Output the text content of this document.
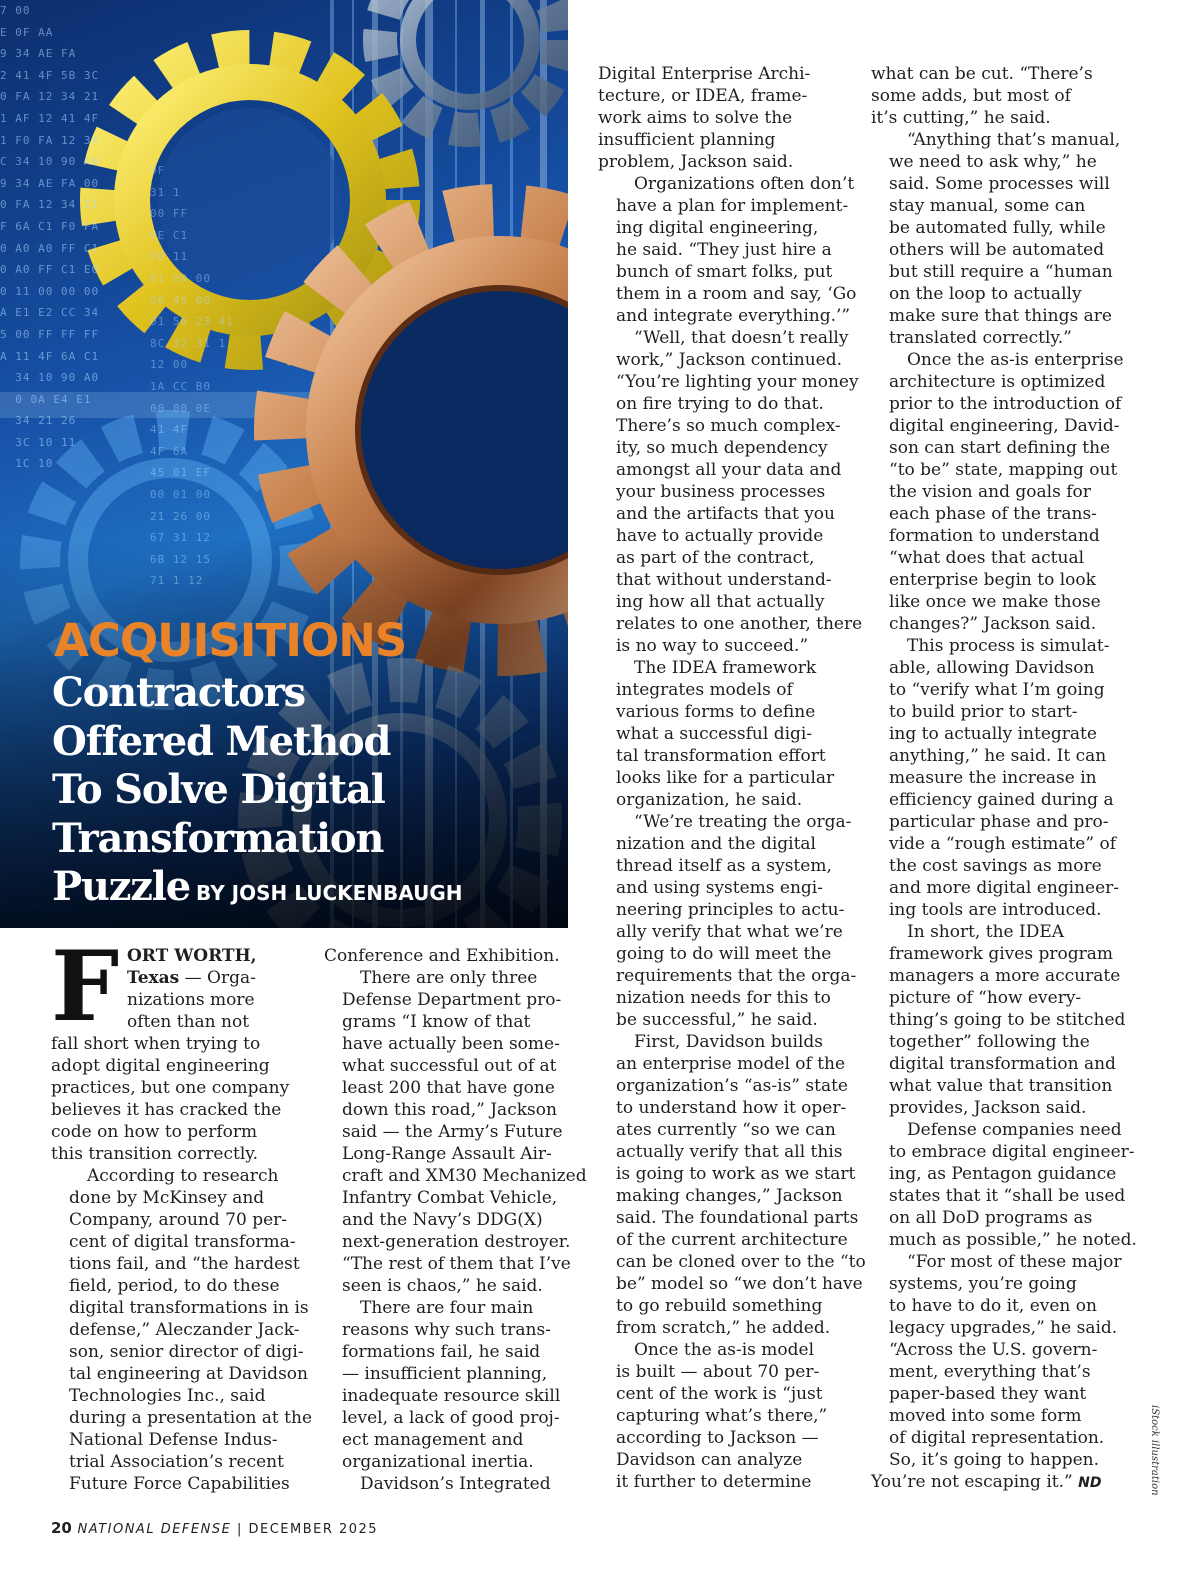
7 00
E 0F AA
9 34 AE FA
2 41 4F 5B 3C
0 FA 12 34 21
1 AF 12 41 4F
1 F0 FA 12 34
C 34 10 90 A0
9 34 AE FA 00
0 FA 12 34 21
F 6A C1 F0 FA
0 A0 A0 FF C1
0 A0 FF C1 E0
0 11 00 00 00
A E1 E2 CC 34
5 00 FF FF FF
A 11 4F 6A C1
34 10 90 A0
0 0A E4 E1
34 21 26
3C 10 11
1C 10
0F
31 1
00 FF
0E C1
F0 11
01 00 00
56 45 00
01 56 23 41
8C 32 31 1
12 00
1A CC B0
00 00 0E
41 4F
4F 6A
45 01 EF
00 01 00
21 26 00
67 31 12
6B 12 15
71 1 12
ACQUISITIONS
Contractors
Offered Method
To Solve Digital
Transformation
Puzzle BY JOSH LUCKENBAUGH
F ORT WORTH,
Texas — Orga-
nizations more
often than not
fall short when trying to
adopt digital engineering
practices, but one company
believes it has cracked the
code on how to perform
this transition correctly.

According to research
done by McKinsey and
Company, around 70 per-
cent of digital transforma-
tions fail, and “the hardest
field, period, to do these
digital transformations in is
defense,” Aleczander Jack-
son, senior director of digi-
tal engineering at Davidson
Technologies Inc., said
during a presentation at the
National Defense Indus-
trial Association’s recent
Future Force Capabilities

Conference and Exhibition.

There are only three
Defense Department pro-
grams “I know of that
have actually been some-
what successful out of at
least 200 that have gone
down this road,” Jackson
said — the Army’s Future
Long-Range Assault Air-
craft and XM30 Mechanized
Infantry Combat Vehicle,
and the Navy’s DDG(X)
next-generation destroyer.
“The rest of them that I’ve
seen is chaos,” he said.

There are four main
reasons why such trans-
formations fail, he said
— insufficient planning,
inadequate resource skill
level, a lack of good proj-
ect management and
organizational inertia.

Davidson’s Integrated

Digital Enterprise Archi-
tecture, or IDEA, frame-
work aims to solve the
insufficient planning
problem, Jackson said.

Organizations often don’t
have a plan for implement-
ing digital engineering,
he said. “They just hire a
bunch of smart folks, put
them in a room and say, ‘Go
and integrate everything.’”

“Well, that doesn’t really
work,” Jackson continued.
“You’re lighting your money
on fire trying to do that.
There’s so much complex-
ity, so much dependency
amongst all your data and
your business processes
and the artifacts that you
have to actually provide
as part of the contract,
that without understand-
ing how all that actually
relates to one another, there
is no way to succeed.”

The IDEA framework
integrates models of
various forms to define
what a successful digi-
tal transformation effort
looks like for a particular
organization, he said.

“We’re treating the orga-
nization and the digital
thread itself as a system,
and using systems engi-
neering principles to actu-
ally verify that what we’re
going to do will meet the
requirements that the orga-
nization needs for this to
be successful,” he said.

First, Davidson builds
an enterprise model of the
organization’s “as-is” state
to understand how it oper-
ates currently “so we can
actually verify that all this
is going to work as we start
making changes,” Jackson
said. The foundational parts
of the current architecture
can be cloned over to the “to
be” model so “we don’t have
to go rebuild something
from scratch,” he added.

Once the as-is model
is built — about 70 per-
cent of the work is “just
capturing what’s there,”
according to Jackson —
Davidson can analyze
it further to determine

what can be cut. “There’s
some adds, but most of
it’s cutting,” he said.

“Anything that’s manual,
we need to ask why,” he
said. Some processes will
stay manual, some can
be automated fully, while
others will be automated
but still require a “human
on the loop to actually
make sure that things are
translated correctly.”

Once the as-is enterprise
architecture is optimized
prior to the introduction of
digital engineering, David-
son can start defining the
“to be” state, mapping out
the vision and goals for
each phase of the trans-
formation to understand
“what does that actual
enterprise begin to look
like once we make those
changes?” Jackson said.

This process is simulat-
able, allowing Davidson
to “verify what I’m going
to build prior to start-
ing to actually integrate
anything,” he said. It can
measure the increase in
efficiency gained during a
particular phase and pro-
vide a “rough estimate” of
the cost savings as more
and more digital engineer-
ing tools are introduced.

In short, the IDEA
framework gives program
managers a more accurate
picture of “how every-
thing’s going to be stitched
together” following the
digital transformation and
what value that transition
provides, Jackson said.

Defense companies need
to embrace digital engineer-
ing, as Pentagon guidance
states that it “shall be used
on all DoD programs as
much as possible,” he noted.

“For most of these major
systems, you’re going
to have to do it, even on
legacy upgrades,” he said.
“Across the U.S. govern-
ment, everything that’s
paper-based they want
moved into some form
of digital representation.
So, it’s going to happen.

You’re not escaping it.” ND	iStock illustration
20 NATIONAL DEFENSE | DECEMBER 2025
